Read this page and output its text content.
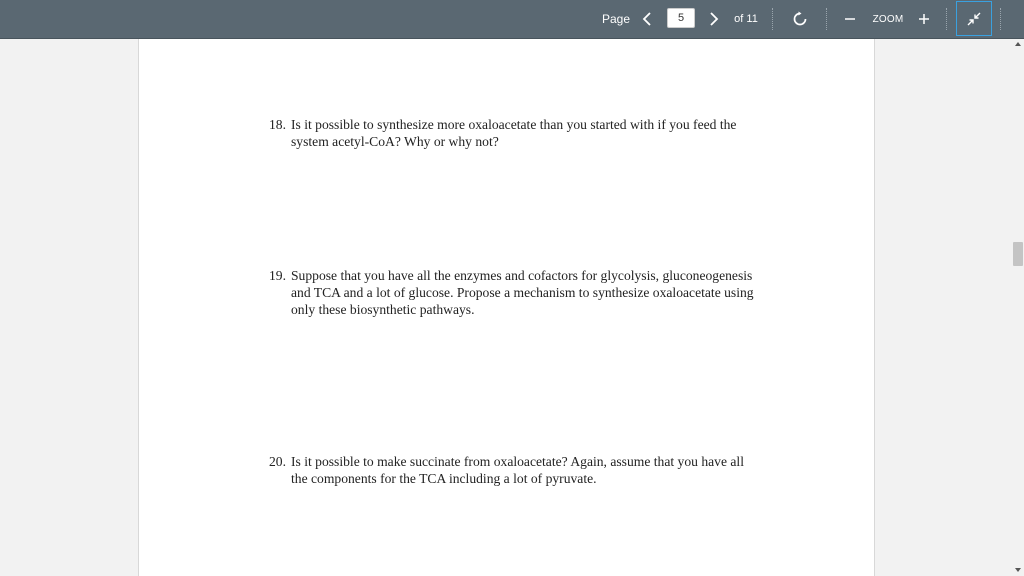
Page
5	of 11	ZOOM
18. Is it possible to synthesize more oxaloacetate than you started with if you feed the system acetyl-CoA? Why or why not?
19. Suppose that you have all the enzymes and cofactors for glycolysis, gluconeogenesis and TCA and a lot of glucose. Propose a mechanism to synthesize oxaloacetate using only these biosynthetic pathways.
20. Is it possible to make succinate from oxaloacetate? Again, assume that you have all the components for the TCA including a lot of pyruvate.
